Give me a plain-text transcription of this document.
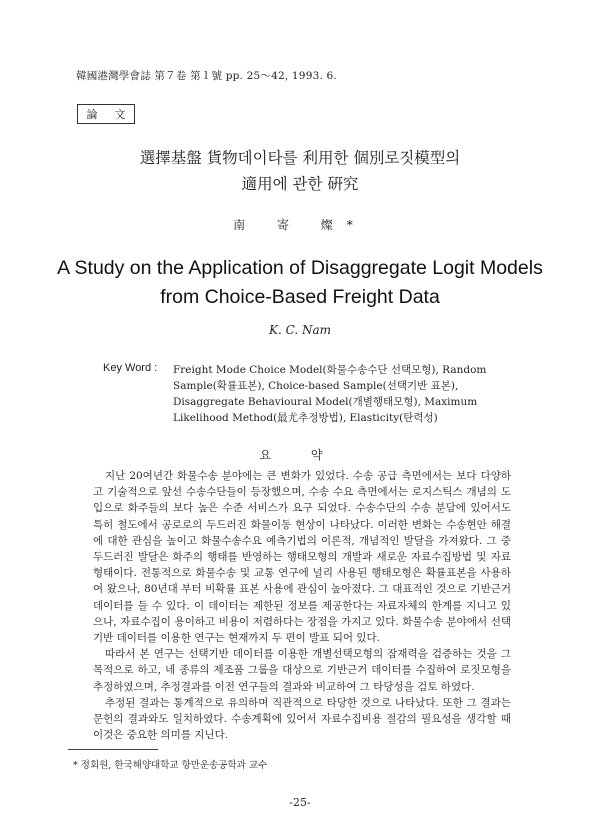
韓國港灣學會誌 第７卷 第１號 pp. 25～42, 1993. 6.
論 文
選擇基盤 貨物데이타를 利用한 個別로짓模型의
適用에 관한 硏究
南 寄 燦*
A Study on the Application of Disaggregate Logit Models
from Choice-Based Freight Data
K. C. Nam
Key Word : Freight Mode Choice Model(화물수송수단 선택모형), Random Sample(확률표본), Choice-based Sample(선택기반 표본), Disaggregate Behavioural Model(개별행태모형), Maximum Likelihood Method(最尤추정방법), Elasticity(탄력성)
요 약

지난 20여년간 화물수송 분야에는 큰 변화가 있었다. 수송 공급 측면에서는 보다 다양하고 기술적으로 앞선 수송수단들이 등장했으며, 수송 수요 측면에서는 로지스틱스 개념의 도입으로 화주들의 보다 높은 수준 서비스가 요구 되었다. 수송수단의 수송 분담에 있어서도 특히 철도에서 공로로의 두드러진 화물이동 현상이 나타났다. 이러한 변화는 수송현안 해결에 대한 관심을 높이고 화물수송수요 예측기법의 이론적, 개념적인 발달을 가져왔다. 그 중 두드러진 발달은 화주의 행태를 반영하는 행태모형의 개발과 새로운 자료수집방법 및 자료형태이다. 전통적으로 화물수송 및 교통 연구에 널리 사용된 행태모형은 확률표본을 사용하여 왔으나, 80년대 부터 비확률 표본 사용에 관심이 높아졌다. 그 대표적인 것으로 기반근거 데이터를 들 수 있다. 이 데이터는 제한된 정보를 제공한다는 자료자체의 한계를 지니고 있으나, 자료수집이 용이하고 비용이 저렴하다는 장점을 가지고 있다. 화물수송 분야에서 선택기반 데이터를 이용한 연구는 현재까지 두 편이 발표 되어 있다.

따라서 본 연구는 선택기반 데이터를 이용한 개별선택모형의 잠재력을 검증하는 것을 그 목적으로 하고, 네 종류의 제조품 그룹을 대상으로 기반근거 데이터를 수집하여 로짓모형을 추정하였으며, 추정결과를 이전 연구들의 결과와 비교하여 그 타당성을 검토 하였다.

추정된 결과는 통계적으로 유의하며 직관적으로 타당한 것으로 나타났다. 또한 그 결과는 문헌의 결과와도 일치하였다. 수송계획에 있어서 자료수집비용 절감의 필요성을 생각할 때 이것은 중요한 의미를 지닌다.

* 정회원, 한국해양대학교 항만운송공학과 교수
-25-
